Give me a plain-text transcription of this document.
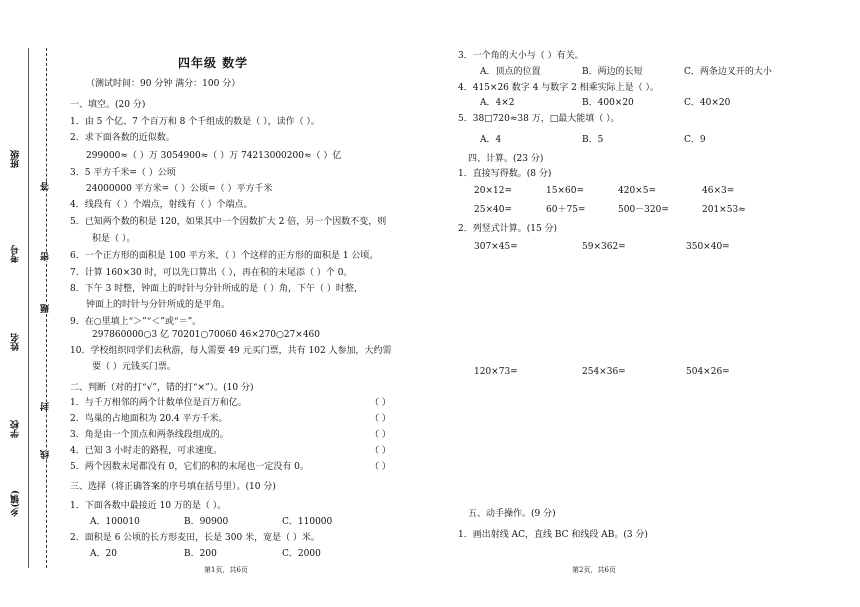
班级
考号
姓名
学校
乡(镇)
答
密
题
封
线
四年级 数学
（测试时间：90 分钟 满分：100 分）
一、填空。(20 分)
1．由 5 个亿、7 个百万和 8 个千组成的数是（ ），读作（ ）。
2．求下面各数的近似数。
299000≈（ ）万 3054900≈（ ）万 74213000200≈（ ）亿
3．5 平方千米=（ ）公顷
24000000 平方米=（ ）公顷=（ ）平方千米
4．线段有（ ）个端点，射线有（ ）个端点。
5．已知两个数的积是 120，如果其中一个因数扩大 2 倍，另一个因数不变，则
积是（ ）。
6．一个正方形的面积是 100 平方米，（ ）个这样的正方形的面积是 1 公顷。
7．计算 160×30 时，可以先口算出（ ），再在积的末尾添（ ）个 0。
8．下午 3 时整，钟面上的时针与分针所成的是（ ）角，下午（ ）时整，
钟面上的时针与分针所成的是平角。
9．在○里填上“＞”“＜”或“＝”。
297860000○3 亿 70201○70060 46×270○27×460
10．学校组织同学们去秋游，每人需要 49 元买门票，共有 102 人参加，大约需
要（ ）元钱买门票。
二、判断（对的打“√”，错的打“×”）。(10 分)
1．与千万相邻的两个计数单位是百万和亿。	（ ）
2．鸟巢的占地面积为 20.4 平方千米。	（ ）
3．角是由一个顶点和两条线段组成的。	（ ）
4．已知 3 小时走的路程，可求速度。	（ ）
5．两个因数末尾都没有 0，它们的积的末尾也一定没有 0。	（ ）
三、选择（将正确答案的序号填在括号里）。(10 分)
1．下面各数中最接近 10 万的是（ ）。
A．100010	B．90900	C．110000
2．面积是 6 公顷的长方形麦田，长是 300 米，宽是（ ）米。
A．20	B．200	C．2000
第1页，共6页
3．一个角的大小与（ ）有关。
A．顶点的位置	B．两边的长短	C．两条边叉开的大小
4．415×26 数字 4 与数字 2 相乘实际上是（ ）。
A．4×2	B．400×20	C．40×20
5．38□720≈38 万，□最大能填（ ）。
A．4	B．5	C．9
四、计算。(23 分)
1．直接写得数。(8 分)
20×12=	15×60=	420×5=	46×3=
25×40=	60＋75=	500－320=	201×53≈
2．列竖式计算。(15 分)
307×45=	59×362=	350×40=
120×73=	254×36=	504×26=
五、动手操作。(9 分)
1．画出射线 AC，直线 BC 和线段 AB。(3 分)
第2页，共6页
